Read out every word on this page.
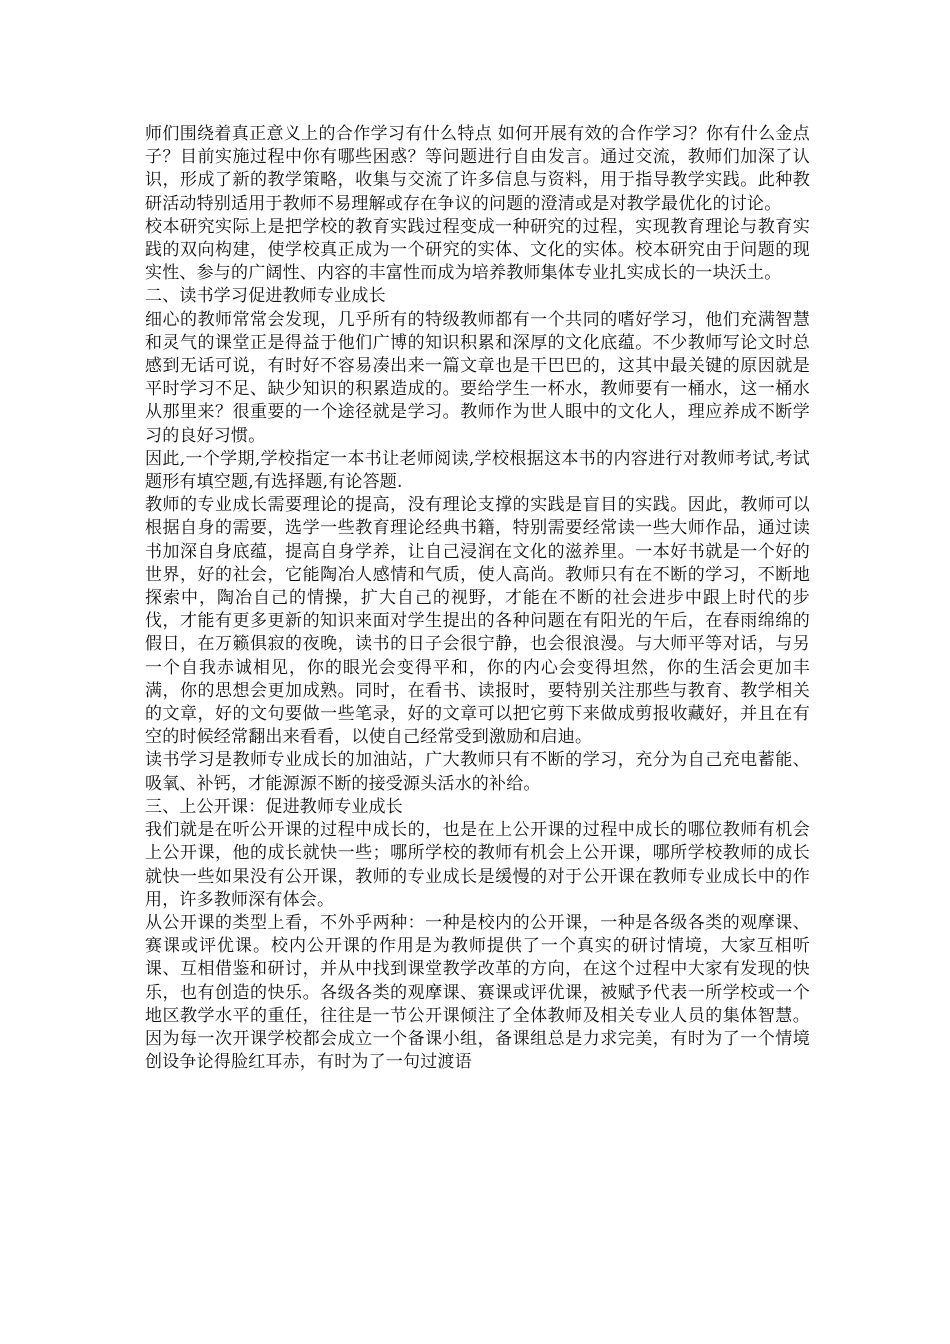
师们围绕着真正意义上的合作学习有什么特点 如何开展有效的合作学习？你有什么金点子？目前实施过程中你有哪些困惑？等问题进行自由发言。通过交流，教师们加深了认识，形成了新的教学策略，收集与交流了许多信息与资料，用于指导教学实践。此种教研活动特别适用于教师不易理解或存在争议的问题的澄清或是对教学最优化的讨论。

校本研究实际上是把学校的教育实践过程变成一种研究的过程，实现教育理论与教育实践的双向构建，使学校真正成为一个研究的实体、文化的实体。校本研究由于问题的现实性、参与的广阔性、内容的丰富性而成为培养教师集体专业扎实成长的一块沃土。

二、读书学习促进教师专业成长

细心的教师常常会发现，几乎所有的特级教师都有一个共同的嗜好学习，他们充满智慧和灵气的课堂正是得益于他们广博的知识积累和深厚的文化底蕴。不少教师写论文时总感到无话可说，有时好不容易凑出来一篇文章也是干巴巴的，这其中最关键的原因就是平时学习不足、缺少知识的积累造成的。要给学生一杯水，教师要有一桶水，这一桶水从那里来？很重要的一个途径就是学习。教师作为世人眼中的文化人，理应养成不断学习的良好习惯。

因此,一个学期,学校指定一本书让老师阅读,学校根据这本书的内容进行对教师考试,考试题形有填空题,有选择题,有论答题.

教师的专业成长需要理论的提高，没有理论支撑的实践是盲目的实践。因此，教师可以根据自身的需要，选学一些教育理论经典书籍，特别需要经常读一些大师作品，通过读书加深自身底蕴，提高自身学养，让自己浸润在文化的滋养里。一本好书就是一个好的世界，好的社会，它能陶冶人感情和气质，使人高尚。教师只有在不断的学习，不断地探索中，陶冶自己的情操，扩大自己的视野，才能在不断的社会进步中跟上时代的步伐，才能有更多更新的知识来面对学生提出的各种问题在有阳光的午后，在春雨绵绵的假日，在万籁俱寂的夜晚，读书的日子会很宁静，也会很浪漫。与大师平等对话，与另一个自我赤诚相见，你的眼光会变得平和，你的内心会变得坦然，你的生活会更加丰满，你的思想会更加成熟。同时，在看书、读报时，要特别关注那些与教育、教学相关的文章，好的文句要做一些笔录，好的文章可以把它剪下来做成剪报收藏好，并且在有空的时候经常翻出来看看，以使自己经常受到激励和启迪。

读书学习是教师专业成长的加油站，广大教师只有不断的学习，充分为自己充电蓄能、吸氧、补钙，才能源源不断的接受源头活水的补给。

三、上公开课：促进教师专业成长

我们就是在听公开课的过程中成长的，也是在上公开课的过程中成长的哪位教师有机会上公开课，他的成长就快一些；哪所学校的教师有机会上公开课，哪所学校教师的成长就快一些如果没有公开课，教师的专业成长是缓慢的对于公开课在教师专业成长中的作用，许多教师深有体会。

从公开课的类型上看，不外乎两种：一种是校内的公开课，一种是各级各类的观摩课、赛课或评优课。校内公开课的作用是为教师提供了一个真实的研讨情境，大家互相听课、互相借鉴和研讨，并从中找到课堂教学改革的方向，在这个过程中大家有发现的快乐，也有创造的快乐。各级各类的观摩课、赛课或评优课，被赋予代表一所学校或一个地区教学水平的重任，往往是一节公开课倾注了全体教师及相关专业人员的集体智慧。因为每一次开课学校都会成立一个备课小组，备课组总是力求完美，有时为了一个情境创设争论得脸红耳赤，有时为了一句过渡语
